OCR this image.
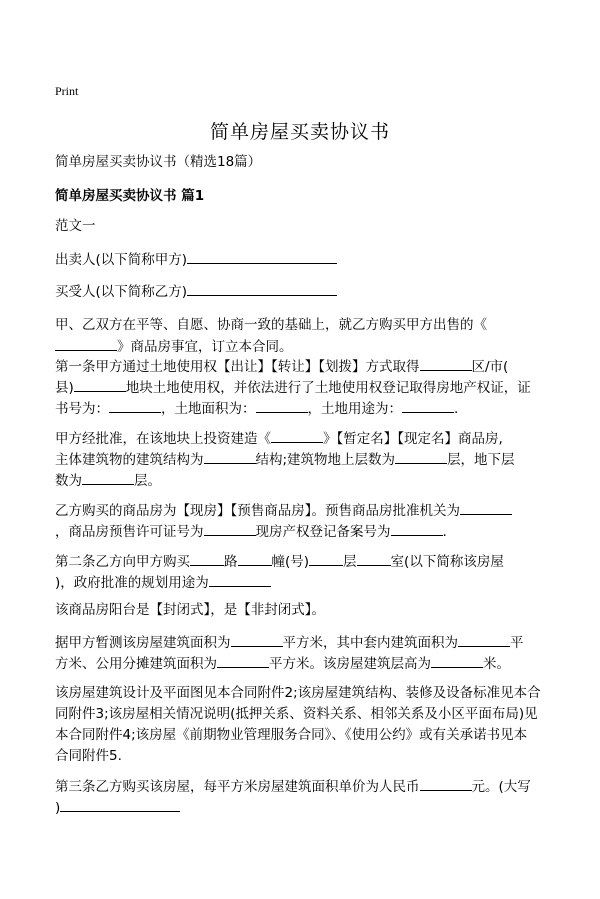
Print
简单房屋买卖协议书
简单房屋买卖协议书（精选18篇）
简单房屋买卖协议书 篇1
范文一
出卖人(以下简称甲方)
买受人(以下简称乙方)
甲、乙双方在平等、自愿、协商一致的基础上，就乙方购买甲方出售的《
》商品房事宜，订立本合同。
第一条甲方通过土地使用权【出让】【转让】【划拨】方式取得	区/市(
县)	地块土地使用权，并依法进行了土地使用权登记取得房地产权证，证
书号为：	，土地面积为：	，土地用途为：	.
甲方经批准，在该地块上投资建造《	》【暂定名】【现定名】商品房,
主体建筑物的建筑结构为	结构;建筑物地上层数为	层，地下层
数为	层。
乙方购买的商品房为【现房】【预售商品房】。预售商品房批准机关为
，商品房预售许可证号为	现房产权登记备案号为	.
第二条乙方向甲方购买	路	幢(号)	层	室(以下简称该房屋
)，政府批准的规划用途为
该商品房阳台是【封闭式】，是【非封闭式】。
据甲方暂测该房屋建筑面积为	平方米，其中套内建筑面积为	平
方米、公用分摊建筑面积为	平方米。该房屋建筑层高为	米。
该房屋建筑设计及平面图见本合同附件2;该房屋建筑结构、装修及设备标准见本合
同附件3;该房屋相关情况说明(抵押关系、资料关系、相邻关系及小区平面布局)见
本合同附件4;该房屋《前期物业管理服务合同》、《使用公约》或有关承诺书见本
合同附件5.
第三条乙方购买该房屋，每平方米房屋建筑面积单价为人民币	元。(大写
)
